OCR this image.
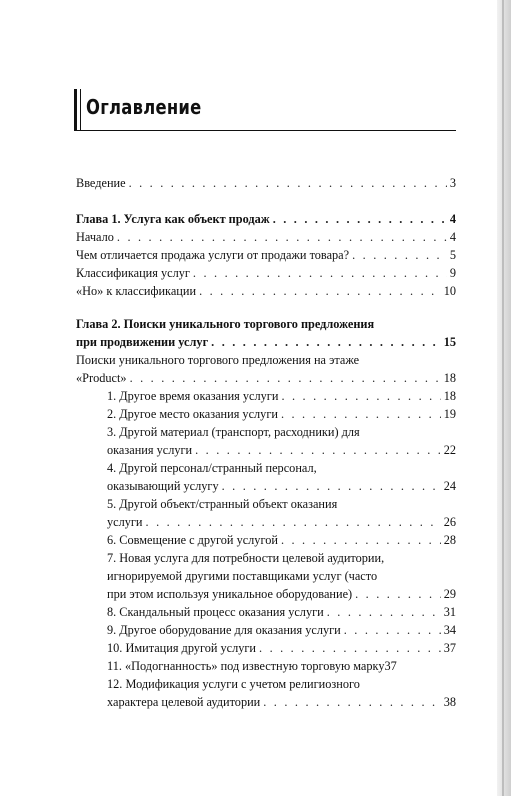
Оглавление
Введение . . .	3
Глава 1. Услуга как объект продаж . . .	4
Начало . . .	4
Чем отличается продажа услуги от продажи товара? . . .	5
Классификация услуг . . .	9
«Но» к классификации . . .	10
Глава 2. Поиски уникального торгового предложения
при продвижении услуг . . .	15
Поиски уникального торгового предложения на этаже
«Product» . . .	18
1. Другое время оказания услуги . . .	18
2. Другое место оказания услуги . . .	19
3. Другой материал (транспорт, расходники) для
оказания услуги . . .	22
4. Другой персонал/странный персонал,
оказывающий услугу . . .	24
5. Другой объект/странный объект оказания
услуги . . .	26
6. Совмещение с другой услугой . . .	28
7. Новая услуга для потребности целевой аудитории,
игнорируемой другими поставщиками услуг (часто
при этом используя уникальное оборудование) . . .	29
8. Скандальный процесс оказания услуги . . .	31
9. Другое оборудование для оказания услуги . . .	34
10. Имитация другой услуги . . .	37
11. «Подогнанность» под известную торговую марку 37
12. Модификация услуги с учетом религиозного
характера целевой аудитории . . .	38
